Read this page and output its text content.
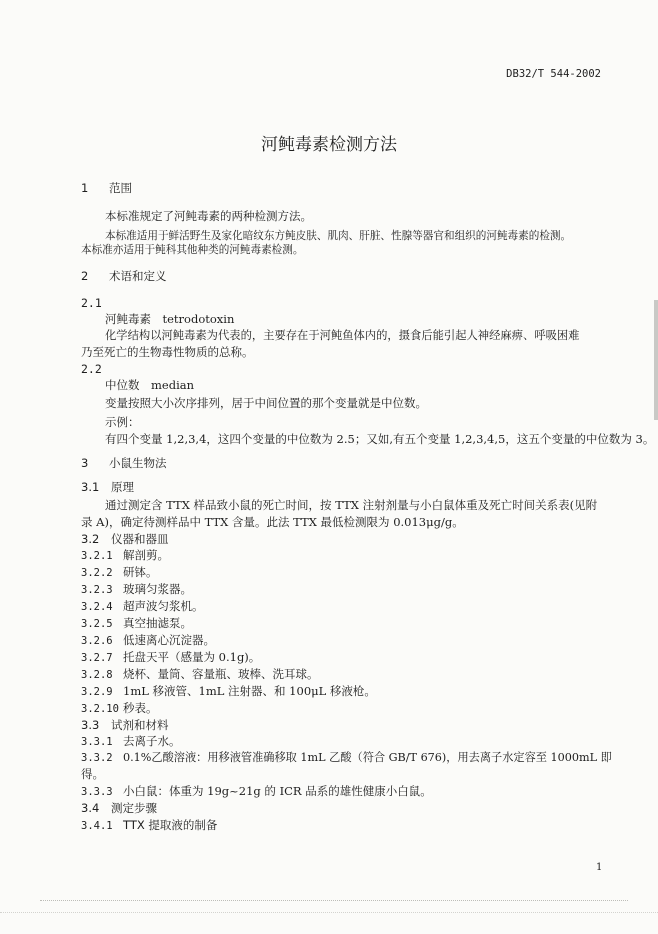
DB32/T 544-2002
河鲀毒素检测方法
1 范围
本标准规定了河鲀毒素的两种检测方法。
本标准适用于鲜活野生及家化暗纹东方鲀皮肤、肌肉、肝脏、性腺等器官和组织的河鲀毒素的检测。
本标准亦适用于鲀科其他种类的河鲀毒素检测。
2 术语和定义
2.1
河鲀毒素　tetrodotoxin
化学结构以河鲀毒素为代表的，主要存在于河鲀鱼体内的，摄食后能引起人神经麻痹、呼吸困难
乃至死亡的生物毒性物质的总称。
2.2
中位数　median
变量按照大小次序排列，居于中间位置的那个变量就是中位数。
示例：
有四个变量 1,2,3,4，这四个变量的中位数为 2.5；又如,有五个变量 1,2,3,4,5，这五个变量的中位数为 3。
3 小鼠生物法
3.1 原理
通过测定含 TTX 样品致小鼠的死亡时间，按 TTX 注射剂量与小白鼠体重及死亡时间关系表(见附
录 A)，确定待测样品中 TTX 含量。此法 TTX 最低检测限为 0.013μg/g。
3.2 仪器和器皿
3.2.1 解剖剪。
3.2.2 研钵。
3.2.3 玻璃匀浆器。
3.2.4 超声波匀浆机。
3.2.5 真空抽滤泵。
3.2.6 低速离心沉淀器。
3.2.7 托盘天平（感量为 0.1g)。
3.2.8 烧杯、量筒、容量瓶、玻棒、洗耳球。
3.2.9 1mL 移液管、1mL 注射器、和 100μL 移液枪。
3.2.10 秒表。
3.3 试剂和材料
3.3.1 去离子水。
3.3.2 0.1%乙酸溶液：用移液管准确移取 1mL 乙酸（符合 GB/T 676)，用去离子水定容至 1000mL 即
得。
3.3.3 小白鼠：体重为 19g~21g 的 ICR 品系的雄性健康小白鼠。
3.4 测定步骤
3.4.1 TTX 提取液的制备
1
